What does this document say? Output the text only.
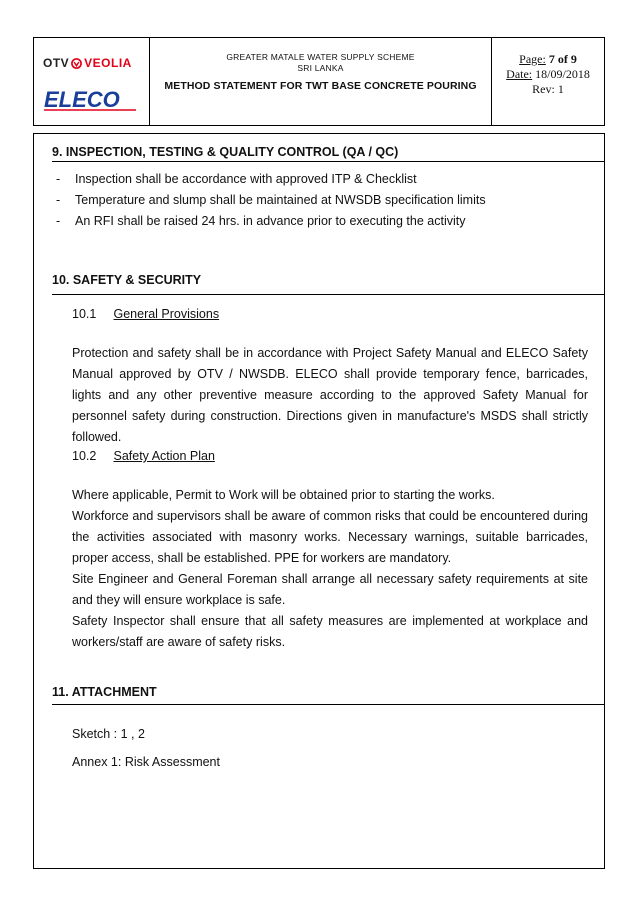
OTV VEOLIA
ELECO
GREATER MATALE WATER SUPPLY SCHEME
SRI LANKA
METHOD STATEMENT FOR TWT BASE CONCRETE POURING
Page: 7 of 9
Date: 18/09/2018
Rev: 1
9. INSPECTION, TESTING & QUALITY CONTROL (QA / QC)
-	Inspection shall be accordance with approved ITP & Checklist
-	Temperature and slump shall be maintained at NWSDB specification limits
-	An RFI shall be raised 24 hrs. in advance prior to executing the activity
10. SAFETY & SECURITY
10.1 General Provisions
Protection and safety shall be in accordance with Project Safety Manual and ELECO Safety Manual approved by OTV / NWSDB. ELECO shall provide temporary fence, barricades, lights and any other preventive measure according to the approved Safety Manual for personnel safety during construction. Directions given in manufacture's MSDS shall strictly followed.
10.2 Safety Action Plan
Where applicable, Permit to Work will be obtained prior to starting the works.
Workforce and supervisors shall be aware of common risks that could be encountered during the activities associated with masonry works. Necessary warnings, suitable barricades, proper access, shall be established. PPE for workers are mandatory.
Site Engineer and General Foreman shall arrange all necessary safety requirements at site and they will ensure workplace is safe.
Safety Inspector shall ensure that all safety measures are implemented at workplace and workers/staff are aware of safety risks.
11. ATTACHMENT
Sketch : 1 , 2
Annex 1: Risk Assessment
